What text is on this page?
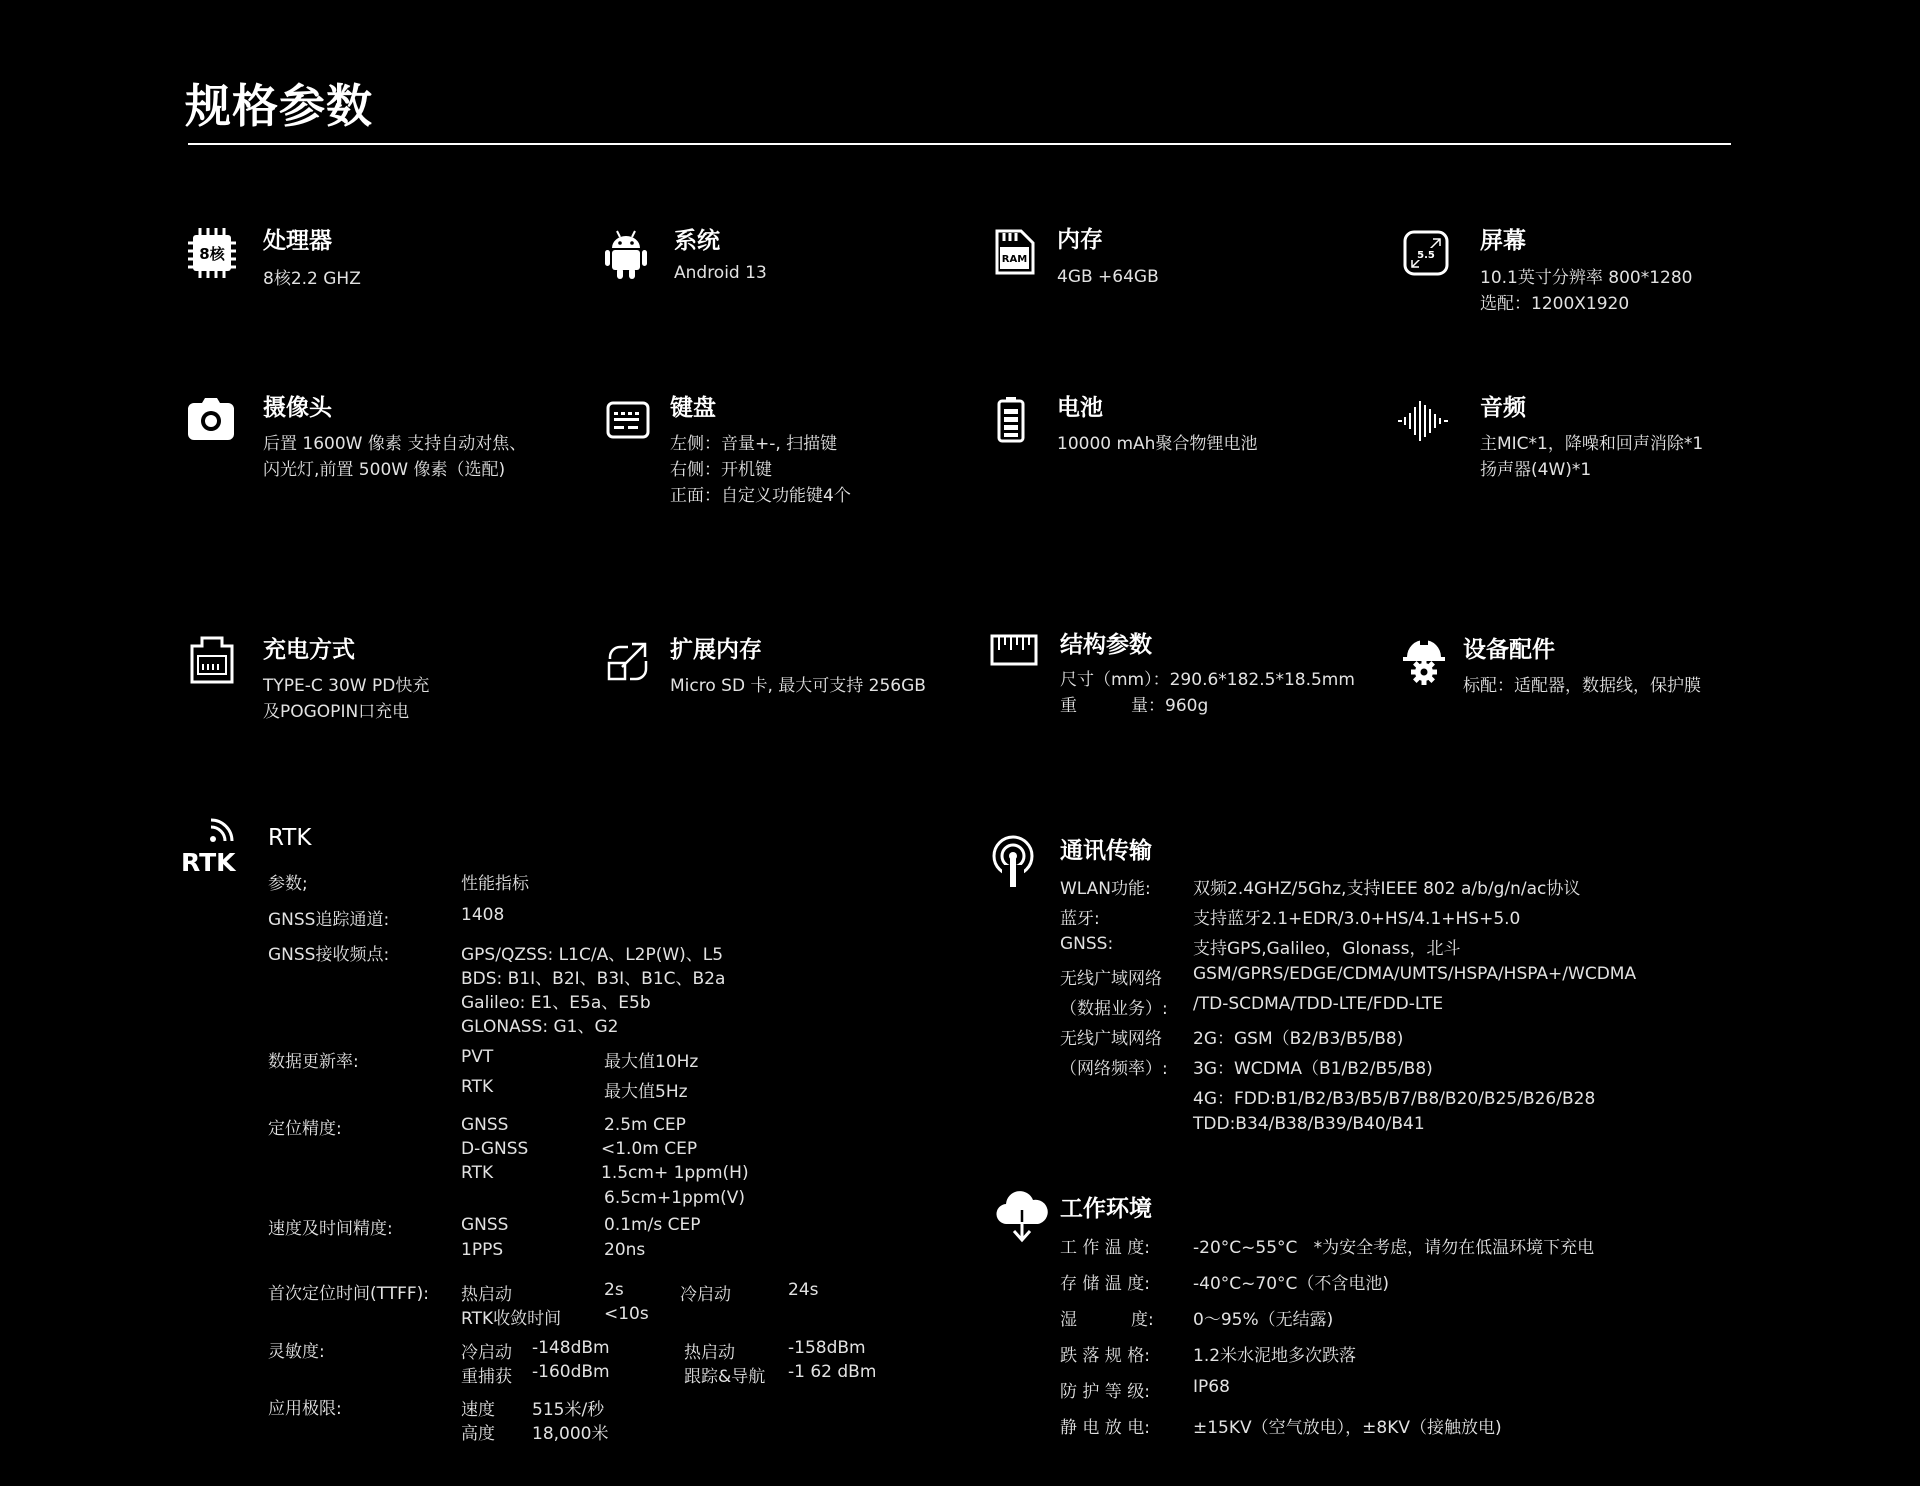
规格参数
8核 处理器
8核2.2 GHZ
系统
Android 13
RAM
内存
4GB +64GB
5.5
屏幕
10.1英寸分辨率 800*1280
选配：1200X1920
摄像头
后置 1600W 像素 支持自动对焦、
闪光灯,前置 500W 像素（选配)
键盘
左侧：音量+-, 扫描键
右侧：开机键
正面：自定义功能键4个
电池
10000 mAh聚合物锂电池
音频
主MIC*1，降噪和回声消除*1
扬声器(4W)*1
充电方式
TYPE-C 30W PD快充
及POGOPIN口充电
扩展内存
Micro SD 卡, 最大可支持 256GB
结构参数
尺寸（mm）：290.6*182.5*18.5mm
重          量：960g
设备配件
标配：适配器，数据线，保护膜
RTK
RTK
参数;	性能指标
GNSS追踪通道:	1408
GNSS接收频点:	GPS/QZSS: L1C/A、L2P(W)、L5
BDS: B1I、B2I、B3I、B1C、B2a
Galileo: E1、E5a、E5b
GLONASS: G1、G2
数据更新率:	PVT	最大值10Hz
RTK	最大值5Hz
定位精度:	GNSS	2.5m CEP
D-GNSS	<1.0m CEP
RTK	1.5cm+ 1ppm(H)
6.5cm+1ppm(V)
速度及时间精度:	GNSS	0.1m/s CEP
1PPS	20ns
首次定位时间(TTFF): 热启动	2s	冷启动	24s
RTK收敛时间	<10s
灵敏度:	冷启动 -148dBm	热启动	-158dBm
重捕获 -160dBm	跟踪&导航 -1 62 dBm
应用极限:	速度 515米/秒
高度 18,000米
通讯传输
WLAN功能: 双频2.4GHZ/5Ghz,支持IEEE 802 a/b/g/n/ac协议
蓝牙:	支持蓝牙2.1+EDR/3.0+HS/4.1+HS+5.0
GNSS:	支持GPS,Galileo，Glonass，北斗
无线广域网络 GSM/GPRS/EDGE/CDMA/UMTS/HSPA/HSPA+/WCDMA
（数据业务）: /TD-SCDMA/TDD-LTE/FDD-LTE
无线广域网络 2G：GSM（B2/B3/B5/B8)
（网络频率）: 3G：WCDMA（B1/B2/B5/B8)
4G：FDD:B1/B2/B3/B5/B7/B8/B20/B25/B26/B28
TDD:B34/B38/B39/B40/B41
工作环境
工 作 温 度:	-20°C~55°C   *为安全考虑，请勿在低温环境下充电
存 储 温 度:	-40°C~70°C（不含电池)
湿          度: 0～95%（无结露)
跌 落 规 格:	1.2米水泥地多次跌落
防 护 等 级:	IP68
静 电 放 电:	±15KV（空气放电），±8KV（接触放电)
